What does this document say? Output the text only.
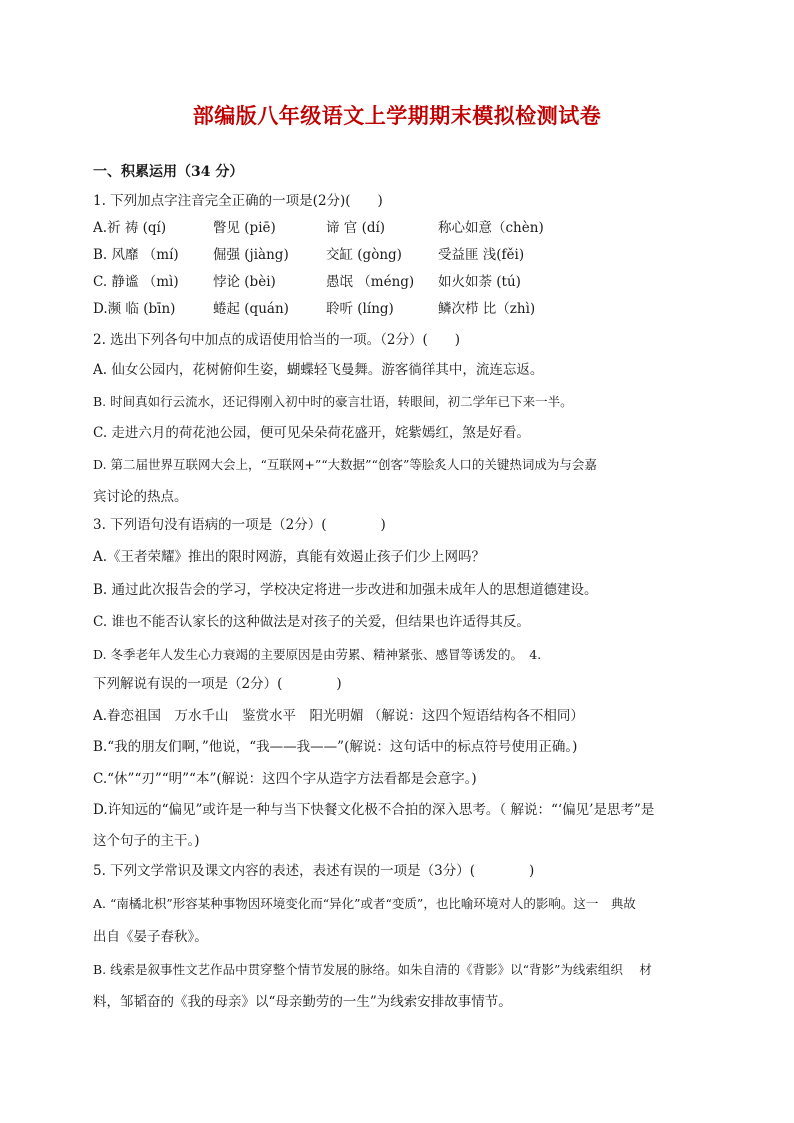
部编版八年级语文上学期期末模拟检测试卷
一、积累运用（34 分）
1. 下列加点字注音完全正确的一项是(2分)(　　)
A.祈 祷 (qí)	瞥见 (piē)	谛 官 (dí)	称心如意（chèn)
B. 风靡 （mí)	倔强 (jiàng)	交缸 (gòng)	受益匪 浅(fěi)
C. 静谧 （mì)	悖论 (bèi)	愚氓 （méng) 如火如荼 (tú)
D.濒 临 (bīn)	蜷起 (quán)	聆听 (líng)	鳞次栉 比（zhì)
2. 选出下列各句中加点的成语使用恰当的一项。（2分）(　　)
A. 仙女公园内，花树俯仰生姿，蝴蝶轻飞曼舞。游客徜徉其中，流连忘返。
B. 时间真如行云流水，还记得刚入初中时的豪言壮语，转眼间，初二学年已下来一半。
C. 走进六月的荷花池公园，便可见朵朵荷花盛开，姹紫嫣红，煞是好看。
D. 第二届世界互联网大会上，“互联网+”“大数据”“创客”等脍炙人口的关键热词成为与会嘉
宾讨论的热点。
3. 下列语句没有语病的一项是（2分）(　　　　)
A.《王者荣耀》推出的限时网游，真能有效遏止孩子们少上网吗？
B. 通过此次报告会的学习，学校决定将进一步改进和加强未成年人的思想道德建设。
C. 谁也不能否认家长的这种做法是对孩子的关爱，但结果也许适得其反。
D. 冬季老年人发生心力衰竭的主要原因是由劳累、精神紧张、感冒等诱发的。　4.
下列解说有误的一项是（2分）(　　　　)
A.眷恋祖国　万水千山　鉴赏水平　阳光明媚 （解说：这四个短语结构各不相同）
B.“我的朋友们啊，”他说，“我——我——”(解说：这句话中的标点符号使用正确。)
C.“休”“刃”“明”“本”(解说：这四个字从造字方法看都是会意字。)
D.许知远的“偏见”或许是一种与当下快餐文化极不合拍的深入思考。（ 解说：“‘偏见’是思考”是
这个句子的主干。)
5. 下列文学常识及课文内容的表述，表述有误的一项是（3分）(　　　　)
A. “南橘北枳”形容某种事物因环境变化而“异化”或者“变质”，也比喻环境对人的影响。这一　典故
出自《晏子春秋》。
B. 线索是叙事性文艺作品中贯穿整个情节发展的脉络。如朱自清的《背影》以“背影”为线索组织　 材
料，邹韬奋的《我的母亲》以“母亲勤劳的一生”为线索安排故事情节。
